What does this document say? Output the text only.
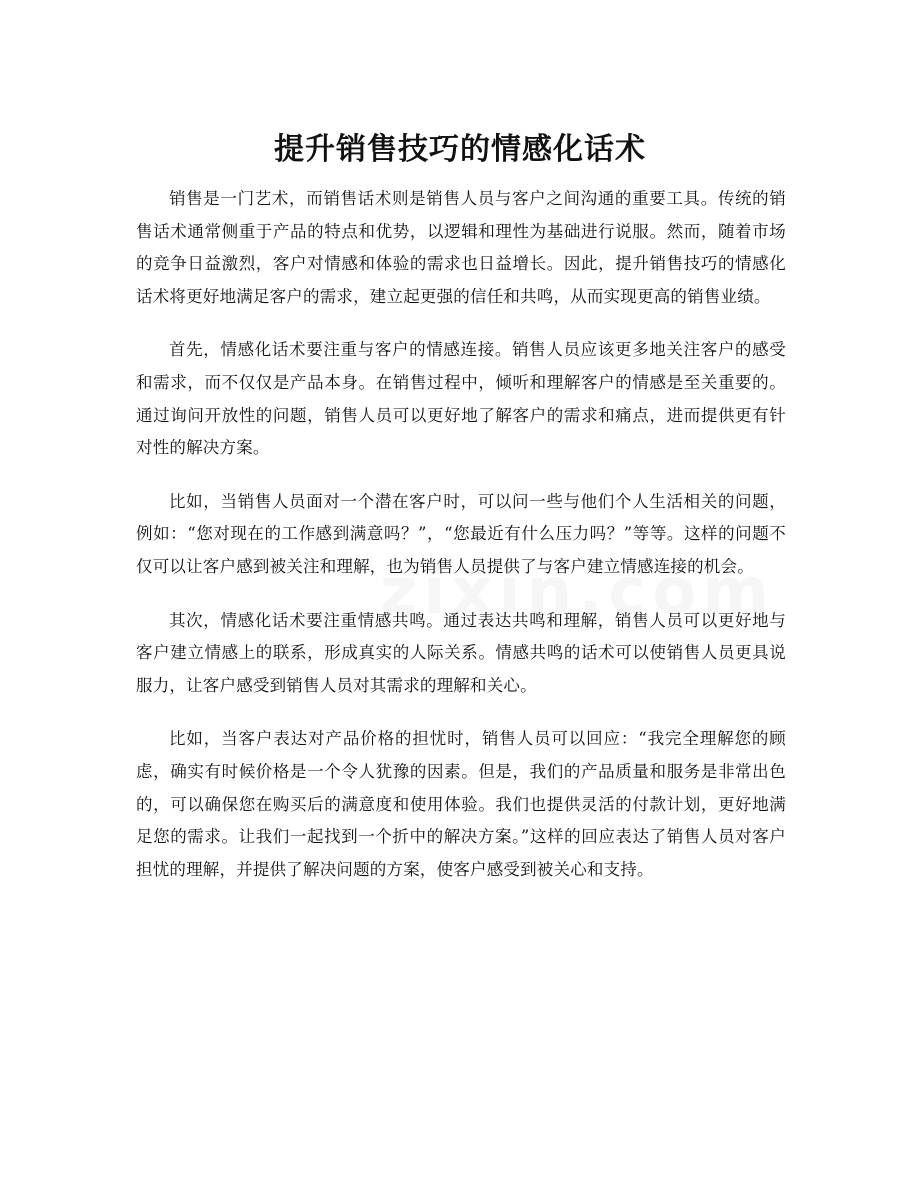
提升销售技巧的情感化话术

销售是一门艺术，而销售话术则是销售人员与客户之间沟通的重要工具。传统的销售话术通常侧重于产品的特点和优势，以逻辑和理性为基础进行说服。然而，随着市场的竞争日益激烈，客户对情感和体验的需求也日益增长。因此，提升销售技巧的情感化话术将更好地满足客户的需求，建立起更强的信任和共鸣，从而实现更高的销售业绩。

首先，情感化话术要注重与客户的情感连接。销售人员应该更多地关注客户的感受和需求，而不仅仅是产品本身。在销售过程中，倾听和理解客户的情感是至关重要的。通过询问开放性的问题，销售人员可以更好地了解客户的需求和痛点，进而提供更有针对性的解决方案。

比如，当销售人员面对一个潜在客户时，可以问一些与他们个人生活相关的问题，例如：“您对现在的工作感到满意吗？”，“您最近有什么压力吗？”等等。这样的问题不仅可以让客户感到被关注和理解，也为销售人员提供了与客户建立情感连接的机会。

其次，情感化话术要注重情感共鸣。通过表达共鸣和理解，销售人员可以更好地与客户建立情感上的联系，形成真实的人际关系。情感共鸣的话术可以使销售人员更具说服力，让客户感受到销售人员对其需求的理解和关心。

比如，当客户表达对产品价格的担忧时，销售人员可以回应：“我完全理解您的顾虑，确实有时候价格是一个令人犹豫的因素。但是，我们的产品质量和服务是非常出色的，可以确保您在购买后的满意度和使用体验。我们也提供灵活的付款计划，更好地满足您的需求。让我们一起找到一个折中的解决方案。”这样的回应表达了销售人员对客户担忧的理解，并提供了解决问题的方案，使客户感受到被关心和支持。
